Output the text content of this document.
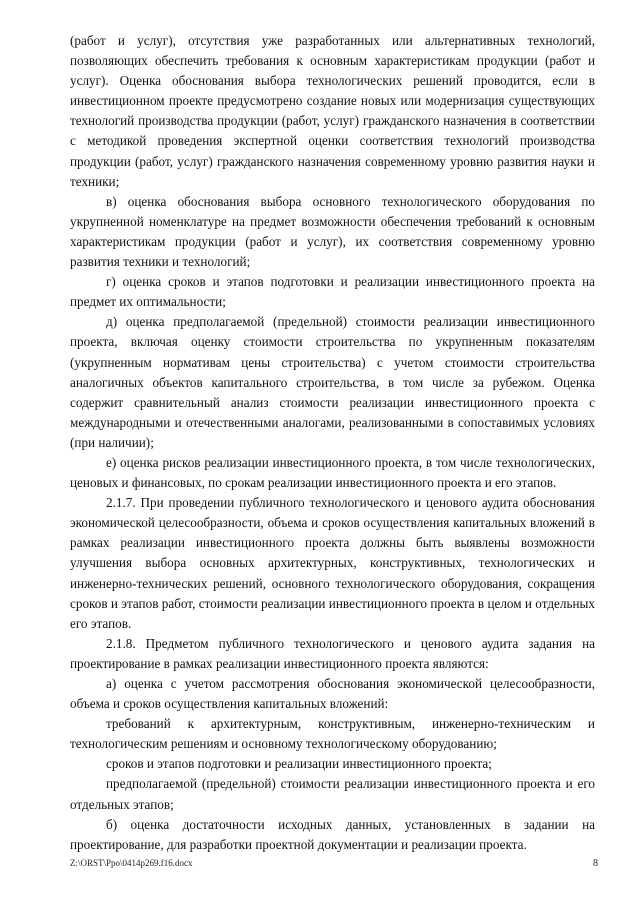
(работ и услуг), отсутствия уже разработанных или альтернативных технологий, позволяющих обеспечить требования к основным характеристикам продукции (работ и услуг). Оценка обоснования выбора технологических решений проводится, если в инвестиционном проекте предусмотрено создание новых или модернизация существующих технологий производства продукции (работ, услуг) гражданского назначения в соответствии с методикой проведения экспертной оценки соответствия технологий производства продукции (работ, услуг) гражданского назначения современному уровню развития науки и техники;

в) оценка обоснования выбора основного технологического оборудования по укрупненной номенклатуре на предмет возможности обеспечения требований к основным характеристикам продукции (работ и услуг), их соответствия современному уровню развития техники и технологий;

г) оценка сроков и этапов подготовки и реализации инвестиционного проекта на предмет их оптимальности;

д) оценка предполагаемой (предельной) стоимости реализации инвестиционного проекта, включая оценку стоимости строительства по укрупненным показателям (укрупненным нормативам цены строительства) с учетом стоимости строительства аналогичных объектов капитального строительства, в том числе за рубежом. Оценка содержит сравнительный анализ стоимости реализации инвестиционного проекта с международными и отечественными аналогами, реализованными в сопоставимых условиях (при наличии);

е) оценка рисков реализации инвестиционного проекта, в том числе технологических, ценовых и финансовых, по срокам реализации инвестиционного проекта и его этапов.

2.1.7. При проведении публичного технологического и ценового аудита обоснования экономической целесообразности, объема и сроков осуществления капитальных вложений в рамках реализации инвестиционного проекта должны быть выявлены возможности улучшения выбора основных архитектурных, конструктивных, технологических и инженерно-технических решений, основного технологического оборудования, сокращения сроков и этапов работ, стоимости реализации инвестиционного проекта в целом и отдельных его этапов.

2.1.8. Предметом публичного технологического и ценового аудита задания на проектирование в рамках реализации инвестиционного проекта являются:

а) оценка с учетом рассмотрения обоснования экономической целесообразности, объема и сроков осуществления капитальных вложений:

требований к архитектурным, конструктивным, инженерно-техническим и технологическим решениям и основному технологическому оборудованию;

сроков и этапов подготовки и реализации инвестиционного проекта;

предполагаемой (предельной) стоимости реализации инвестиционного проекта и его отдельных этапов;

б) оценка достаточности исходных данных, установленных в задании на проектирование, для разработки проектной документации и реализации проекта.

Z:\ORST\Ppo\0414p269.f16.docx	8
